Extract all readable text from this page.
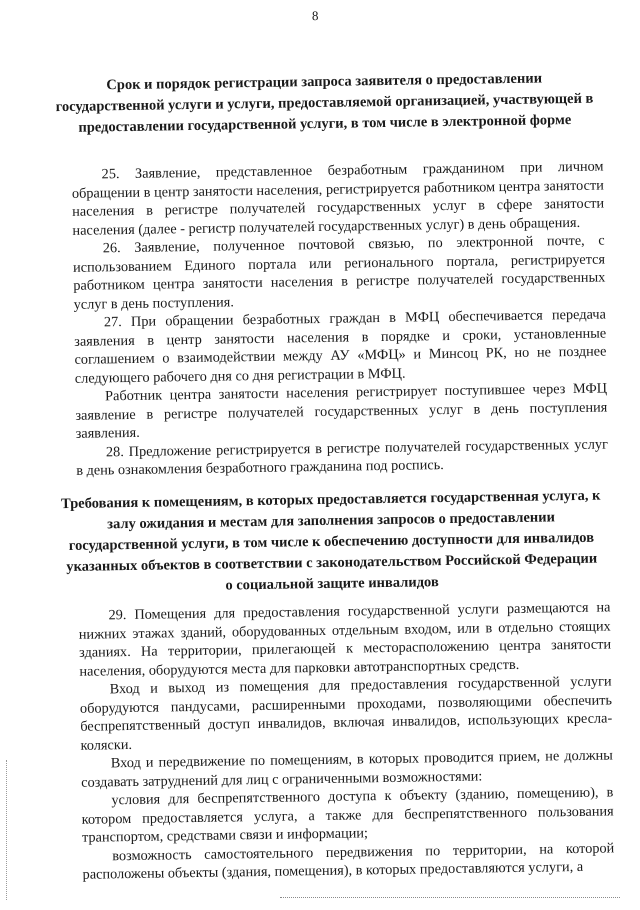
8
Срок и порядок регистрации запроса заявителя о предоставлении государственной услуги и услуги, предоставляемой организацией, участвующей в предоставлении государственной услуги, в том числе в электронной форме

25. Заявление, представленное безработным гражданином при личном обращении в центр занятости населения, регистрируется работником центра занятости населения в регистре получателей государственных услуг в сфере занятости населения (далее - регистр получателей государственных услуг) в день обращения.

26. Заявление, полученное почтовой связью, по электронной почте, с использованием Единого портала или регионального портала, регистрируется работником центра занятости населения в регистре получателей государственных услуг в день поступления.

27. При обращении безработных граждан в МФЦ обеспечивается передача заявления в центр занятости населения в порядке и сроки, установленные соглашением о взаимодействии между АУ «МФЦ» и Минсоц РК, но не позднее следующего рабочего дня со дня регистрации в МФЦ.

Работник центра занятости населения регистрирует поступившее через МФЦ заявление в регистре получателей государственных услуг в день поступления заявления.

28. Предложение регистрируется в регистре получателей государственных услуг в день ознакомления безработного гражданина под роспись.

Требования к помещениям, в которых предоставляется государственная услуга, к залу ожидания и местам для заполнения запросов о предоставлении государственной услуги, в том числе к обеспечению доступности для инвалидов указанных объектов в соответствии с законодательством Российской Федерации о социальной защите инвалидов

29. Помещения для предоставления государственной услуги размещаются на нижних этажах зданий, оборудованных отдельным входом, или в отдельно стоящих зданиях. На территории, прилегающей к месторасположению центра занятости населения, оборудуются места для парковки автотранспортных средств.

Вход и выход из помещения для предоставления государственной услуги оборудуются пандусами, расширенными проходами, позволяющими обеспечить беспрепятственный доступ инвалидов, включая инвалидов, использующих кресла-коляски.

Вход и передвижение по помещениям, в которых проводится прием, не должны создавать затруднений для лиц с ограниченными возможностями:

условия для беспрепятственного доступа к объекту (зданию, помещению), в котором предоставляется услуга, а также для беспрепятственного пользования транспортом, средствами связи и информации;

возможность самостоятельного передвижения по территории, на которой расположены объекты (здания, помещения), в которых предоставляются услуги, а
